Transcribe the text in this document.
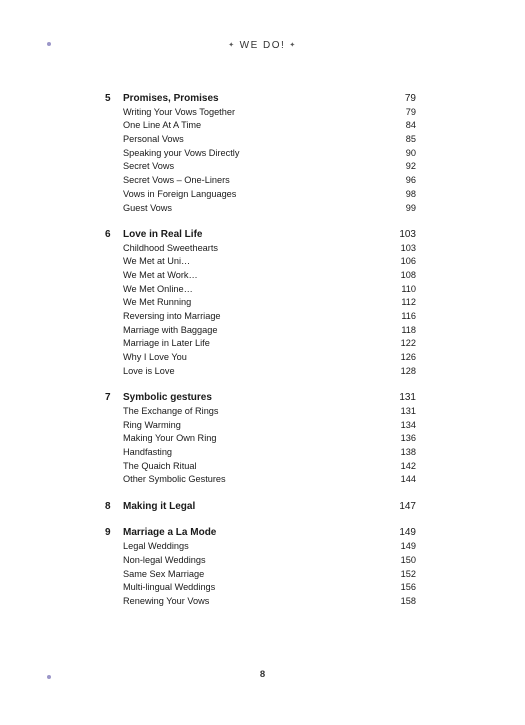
✦ WE DO! ✦
5 Promises, Promises	79
Writing Your Vows Together	79
One Line At A Time	84
Personal Vows	85
Speaking your Vows Directly	90
Secret Vows	92
Secret Vows – One-Liners	96
Vows in Foreign Languages	98
Guest Vows	99
6 Love in Real Life	103
Childhood Sweethearts	103
We Met at Uni…	106
We Met at Work…	108
We Met Online…	110
We Met Running	112
Reversing into Marriage	116
Marriage with Baggage	118
Marriage in Later Life	122
Why I Love You	126
Love is Love	128
7 Symbolic gestures	131
The Exchange of Rings	131
Ring Warming	134
Making Your Own Ring	136
Handfasting	138
The Quaich Ritual	142
Other Symbolic Gestures	144
8 Making it Legal	147
9 Marriage a La Mode	149
Legal Weddings	149
Non-legal Weddings	150
Same Sex Marriage	152
Multi-lingual Weddings	156
Renewing Your Vows	158
8
